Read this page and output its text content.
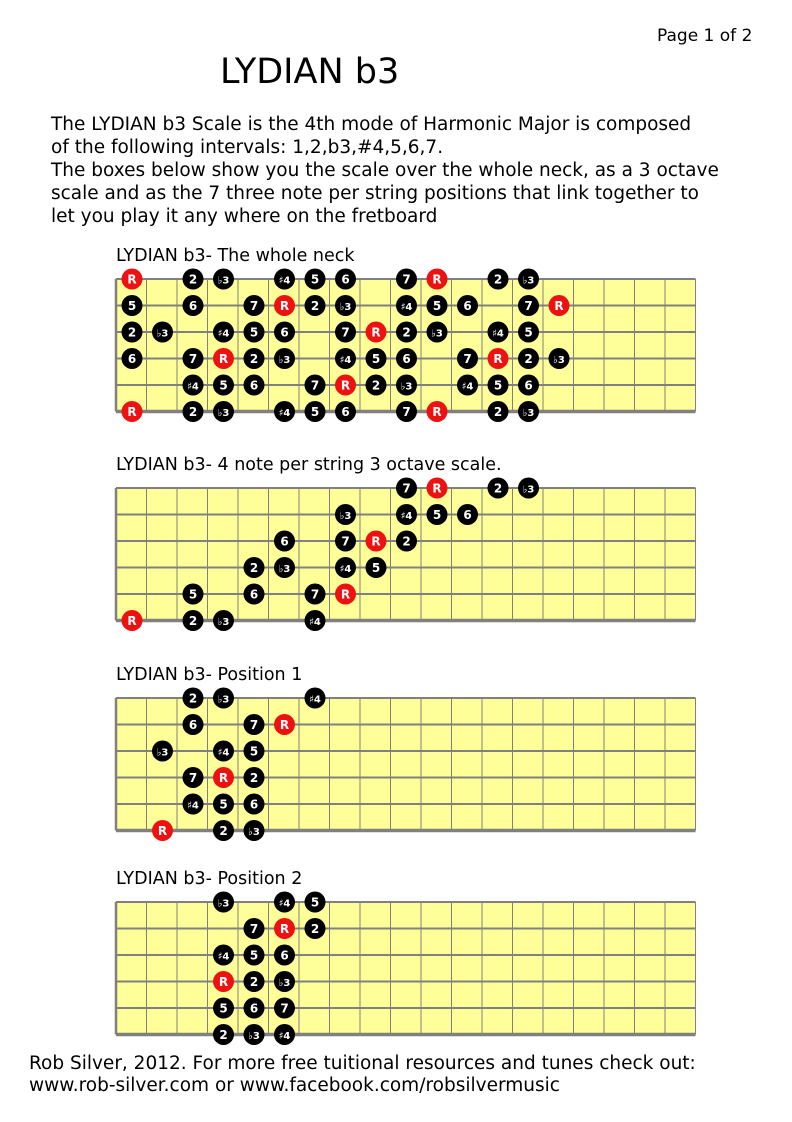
Page 1 of 2
LYDIAN b3

The LYDIAN b3 Scale is the 4th mode of Harmonic Major is composed

of the following intervals: 1,2,b3,#4,5,6,7.

The boxes below show you the scale over the whole neck, as a 3 octave

scale and as the 7 three note per string positions that link together to

let you play it any where on the fretboard

LYDIAN b3- The whole neck
LYDIAN b3- 4 note per string 3 octave scale.
LYDIAN b3- Position 1
LYDIAN b3- Position 2
R	2 ♭3	♯4 5 6	7 R	2 ♭3
5	6	7 R 2 ♭3	♯4 5 6	7 R
2 ♭3	♯4 5 6	7 R 2 ♭3	♯4 5
6	7 R 2 ♭3	♯4 5 6	7 R 2 ♭3
♯4 5 6	7 R 2 ♭3	♯4 5 6
R	2 ♭3	♯4 5 6	7 R	2 ♭3
7 R	2 ♭3
♭3	♯4 5 6
6	7 R 2
2 ♭3	♯4 5
5	6	7 R
R	2 ♭3	♯4
2 ♭3	♯4
6	7 R
♭3	♯4 5
7 R 2
♯4 5 6
R	2 ♭3
♭3	♯4 5
7 R 2
♯4 5 6
R 2 ♭3
5 6 7
2 ♭3 ♯4

Rob Silver, 2012. For more free tuitional resources and tunes check out:

www.rob-silver.com or www.facebook.com/robsilvermusic
